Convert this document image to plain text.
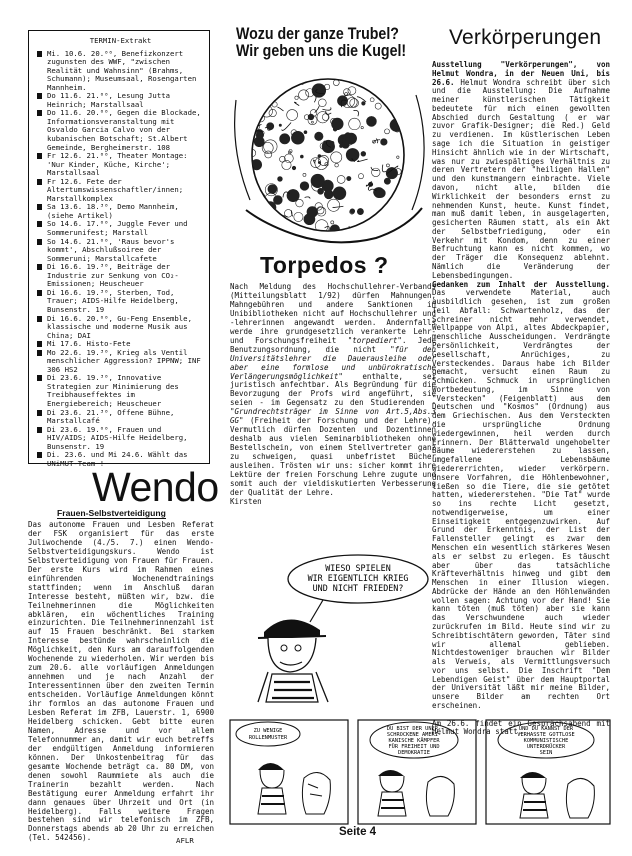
TERMIN-Extrakt
Mi. 10.6. 20.⁰⁰, Benefizkonzert zugunsten des WWF, "zwischen Realität und Wahnsinn" (Brahms, Schumann); Museumsaal, Rosengarten Mannheim.
Do 11.6. 21.⁰⁰, Lesung Jutta Heinrich; Marstallsaal
Do 11.6. 20.⁰⁰, Gegen die Blockade, Informationsveranstaltung mit Osvaldo Garcia Calvo von der kubanischen Botschaft; St.Albert Gemeinde, Bergheimerstr. 108
Fr 12.6. 21.⁰⁰, Theater Montage: 'Nur Kinder, Küche, Kirche'; Marstallsaal
Fr 12.6. Fete der Altertumswissenschaftler/innen; Marstallkomplex
Sa 13.6. 18.³⁰, Demo Mannheim, (siehe Artikel)
So 14.6. 17.⁰⁰, Juggle Fever und Sommerunifest; Marstall
So 14.6. 21.⁰⁰, 'Raus bevor's kommt', Abschlußsoiree der Sommeruni; Marstallcafete
Di 16.6. 19.³⁰, Beiträge der Industrie zur Senkung von CO₂-Emissionen; Heuscheuer
Di 16.6. 19.³⁰, Sterben, Tod, Trauer; AIDS-Hilfe Heidelberg, Bunsenstr. 19
Di 16.6. 20.⁰⁰, Gu-Feng Ensemble, klassische und moderne Musik aus China; DAI
Mi 17.6. Histo-Fete
Mo 22.6. 19.³⁰, Krieg als Ventil menschlicher Aggression? IPPNW; INF 306 HS2
Di 23.6. 19.³⁰, Innovative Strategien zur Minimierung des Treibhauseffektes im Energiebereich; Heuscheuer
Di 23.6. 21.³⁰, Offene Bühne, Marstallcafé
Di 23.6. 19.⁰⁰, Frauen und HIV/AIDS; AIDS-Hilfe Heidelberg, Bunsenstr. 19
Di. 23.6. und Mi 24.6. Wählt das UNiMUT-Team !
Wendo
Frauen-Selbstverteidigung
Das autonome Frauen und Lesben Referat der FSK organisiert für das erste Juliwochende (4./5. 7.) einen Wendo-Selbstverteidigungskurs. Wendo ist Selbstverteidigung von Frauen für Frauen. Der erste Kurs wird im Rahmen eines einführenden Wochenendtrainings stattfinden; wenn im Anschluß daran Interesse besteht, müßten wir, bzw. die Teilnehmerinnen die Möglichkeiten abklären, ein wöchentliches Training einzurichten. Die Teilnehmerinnenzahl ist auf 15 Frauen beschränkt. Bei starkem Interesse bestünde wahrscheinlich die Möglichkeit, den Kurs am darauffolgenden Wochenende zu wiederholen. Wir werden bis zum 20.6. alle vorläufigen Anmeldungen annehmen und je nach Anzahl der Interessentinnen über den zweiten Termin entscheiden. Vorläufige Anmeldungen könnt ihr formlos an das autonome Frauen und Lesben Referat im ZFB, Lauerstr. 1, 6900 Heidelberg schicken. Gebt bitte euren Namen, Adresse und vor allem Telefonnummer an, damit wir euch betreffs der endgültigen Anmeldung informieren können. Der Unkostenbeitrag für das gesamte Wochende beträgt ca. 80 DM, von denen sowohl Raummiete als auch die Trainerin bezahlt werden. Nach Bestätigung eurer Anmeldung erfahrt ihr dann genaues über Uhrzeit und Ort (in Heidelberg). Falls weitere Fragen bestehen sind wir telefonisch im ZFB, Donnerstags abends ab 20 Uhr zu erreichen (Tel. 542456).	AFLR
Wozu der ganze Trubel?
Wir geben uns die Kugel!
Torpedos ?
Nach Meldung des Hochschullehrer-Verbands (Mitteilungsblatt 1/92) dürfen Mahnungen, Mahngebühren und andere Sanktionen in Unibibliotheken nicht auf Hochschullehrer und -lehrerinnen angewandt werden. Andernfalls werde ihre grundgesetzlich verankerte Lehr- und Forschungsfreiheit "torpediert". Jede Benutzungsordnung, die nicht "für den Universitätslehrer die Dauerausleihe oder aber eine formlose und unbürokratische Verlängerungsmöglichkeit" enthalte, sei juristisch anfechtbar. Als Begründung für die Bevorzugung der Profs wird angeführt, sie seien - im Gegensatz zu den Studierenden - "Grundrechtsträger im Sinne von Art.5,Abs.3 GG" (Freiheit der Forschung und der Lehre). Vermutlich dürfen Dozenten und Dozentinnen deshalb aus vielen Seminarbibliotheken ohne Bestellschein, von einem Stellvertreter ganz zu schweigen, quasi unbefristet Bücher ausleihen. Trösten wir uns: sicher kommt ihre Lektüre der freien Forschung Lehre zugute und somit auch der vieldiskutierten Verbesserung der Qualität der Lehre.
Kirsten
WIESO SPIELEN
WIR EIGENTLICH KRIEG
UND NICHT FRIEDEN?
ZU WENIGE
ROLLENMUSTER
DU BIST DER UNER-
SCHROCKENE AMERI-
KANISCHE KÄMPFER
FÜR FREIHEIT UND
DEMOKRATIE
UND DU KANNST DER
VERHASSTE GOTTLOSE
KOMMUNISTISCHE
UNTERDRÜCKER
SEIN
Seite 4
Verkörperungen
Ausstellung "Verkörperungen", von Helmut Wondra, in der Neuen Uni, bis 26.6. Helmut Wondra schreibt über sich und die Ausstellung: Die Aufnahme meiner künstlerischen Tätigkeit bedeutete für mich einen gewollten Abschied durch Gestaltung ( er war zuvor Grafik-Designer; die Red.) Geld zu verdienen. Im küstlerischen Leben sage ich die Situation in geistiger Hinsicht ähnlich wie in der Wirtschaft, was nur zu zwiespältiges Verhältnis zu deren Vertretern der "heiligen Hallen" und den kunstmangern einbrachte. Viele davon, nicht alle, bilden die Wirklichkeit der besonders ernst zu nehmenden Kunst, heute. Kunst findet, man muß damit leben, in ausgelagerten, gesicherten Räumen statt, als ein Akt der Selbstbefriedigung, oder ein Verkehr mit Kondom, denn zu einer Befruchtung kann es nicht kommen, wo der Träger die Konsequenz ablehnt. Nämlich die Veränderung der Lebensbedingungen.
Gedanken zum Inhalt der Ausstellung. Das verwendete Material, auch ausbildlich gesehen, ist zum großen Teil Abfall: Schwartenholz, das der Schreiner nicht mehr verwendet, Wellpappe von Alpi, altes Abdeckpapier, menschliche Ausscheidungen. Verdrängte Persönlichkeit, Verdrängtes der Gesellschaft, Anrüchiges, zu Versteckendes. Daraus habe ich Bilder gemacht, versucht einen Raum zu Schmücken. Schmuck in ursprünglichen Wortbedeutung, im Sinne von "Verstecken" (Feigenblatt) aus dem Deutschen und "Kosmos" (Ordnung) aus dem Griechischen. Aus dem Versteckten die ursprüngliche Ordnung wiedergewinnen, heil werden durch Erinnern. Der Blätterwald ungehobelter Bäume wiedererstehen zu lassen, umgefallene Lebensbäume wiedererrichten, wieder verkörpern. Unsere Vorfahren, die Höhlenbewohner, ließen so die Tiere, die sie getötet hatten, wiedererstehen. "Die Tat" wurde so ins rechte Licht gesetzt, notwendigerweise, um einer Einseitigkeit entgegenzuwirken. Auf Grund der Erkenntnis, der List der Fallensteller gelingt es zwar dem Menschen ein wesentlich stärkeres Wesen als er selbst zu erlegen. Es täuscht aber über das tatsächliche Kräfteverhältnis hinweg und gibt dem Menschen in einer Illusion wiegen. Abdrücke der Hände an den Höhlenwänden wollen sagen: Achtung vor der Hand! Sie kann töten (muß töten) aber sie kann das Verschwundene auch wieder zurückrufen im Bild. Heute sind wir zu Schreibtischtätern geworden, Täter sind wir allemal geblieben. Nichtdestoweniger brauchen wir Bilder als Verweis, als Vermittlungsversuch vor uns selbst. Die Inschrift "Dem Lebendigen Geist" über dem Hauptportal der Universität läßt mir meine Bilder, unsere Bilder am rechten Ort erscheinen.

Am 26.6. findet ein Gesprächsabend mit Helmut Wondra statt.
